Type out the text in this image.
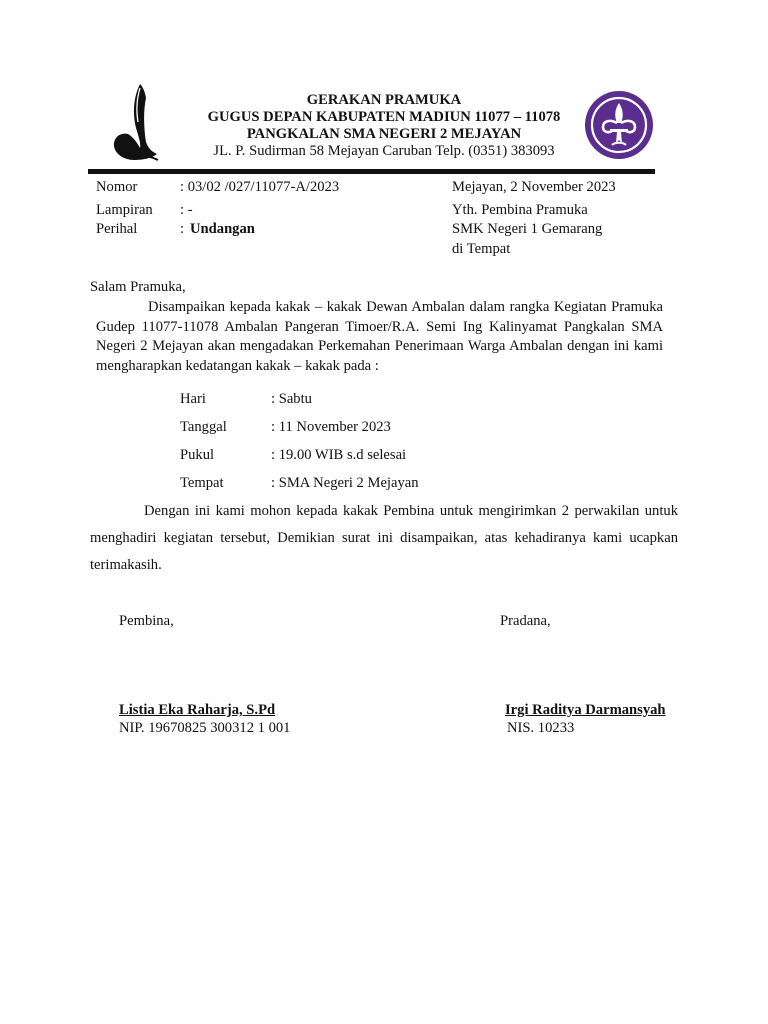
GERAKAN PRAMUKA
GUGUS DEPAN KABUPATEN MADIUN 11077 – 11078
PANGKALAN SMA NEGERI 2 MEJAYAN
JL. P. Sudirman 58 Mejayan Caruban Telp. (0351) 383093
Nomor	: 03/02 /027/11077-A/2023
Lampiran : -
Perihal	: Undangan
Mejayan, 2 November 2023
Yth. Pembina Pramuka
SMK Negeri 1 Gemarang
di Tempat
Salam Pramuka,
Disampaikan kepada kakak – kakak Dewan Ambalan dalam rangka Kegiatan Pramuka Gudep 11077-11078 Ambalan Pangeran Timoer/R.A. Semi Ing Kalinyamat Pangkalan SMA Negeri 2 Mejayan akan mengadakan Perkemahan Penerimaan Warga Ambalan dengan ini kami mengharapkan kedatangan kakak – kakak pada :
Hari	: Sabtu
Tanggal	: 11 November 2023
Pukul	: 19.00 WIB s.d selesai
Tempat	: SMA Negeri 2 Mejayan
Dengan ini kami mohon kepada kakak Pembina untuk mengirimkan 2 perwakilan untuk menghadiri kegiatan tersebut, Demikian surat ini disampaikan, atas kehadiranya kami ucapkan terimakasih.
Pembina,	Pradana,
Listia Eka Raharja, S.Pd
NIP. 19670825 300312 1 001
Irgi Raditya Darmansyah
NIS. 10233
